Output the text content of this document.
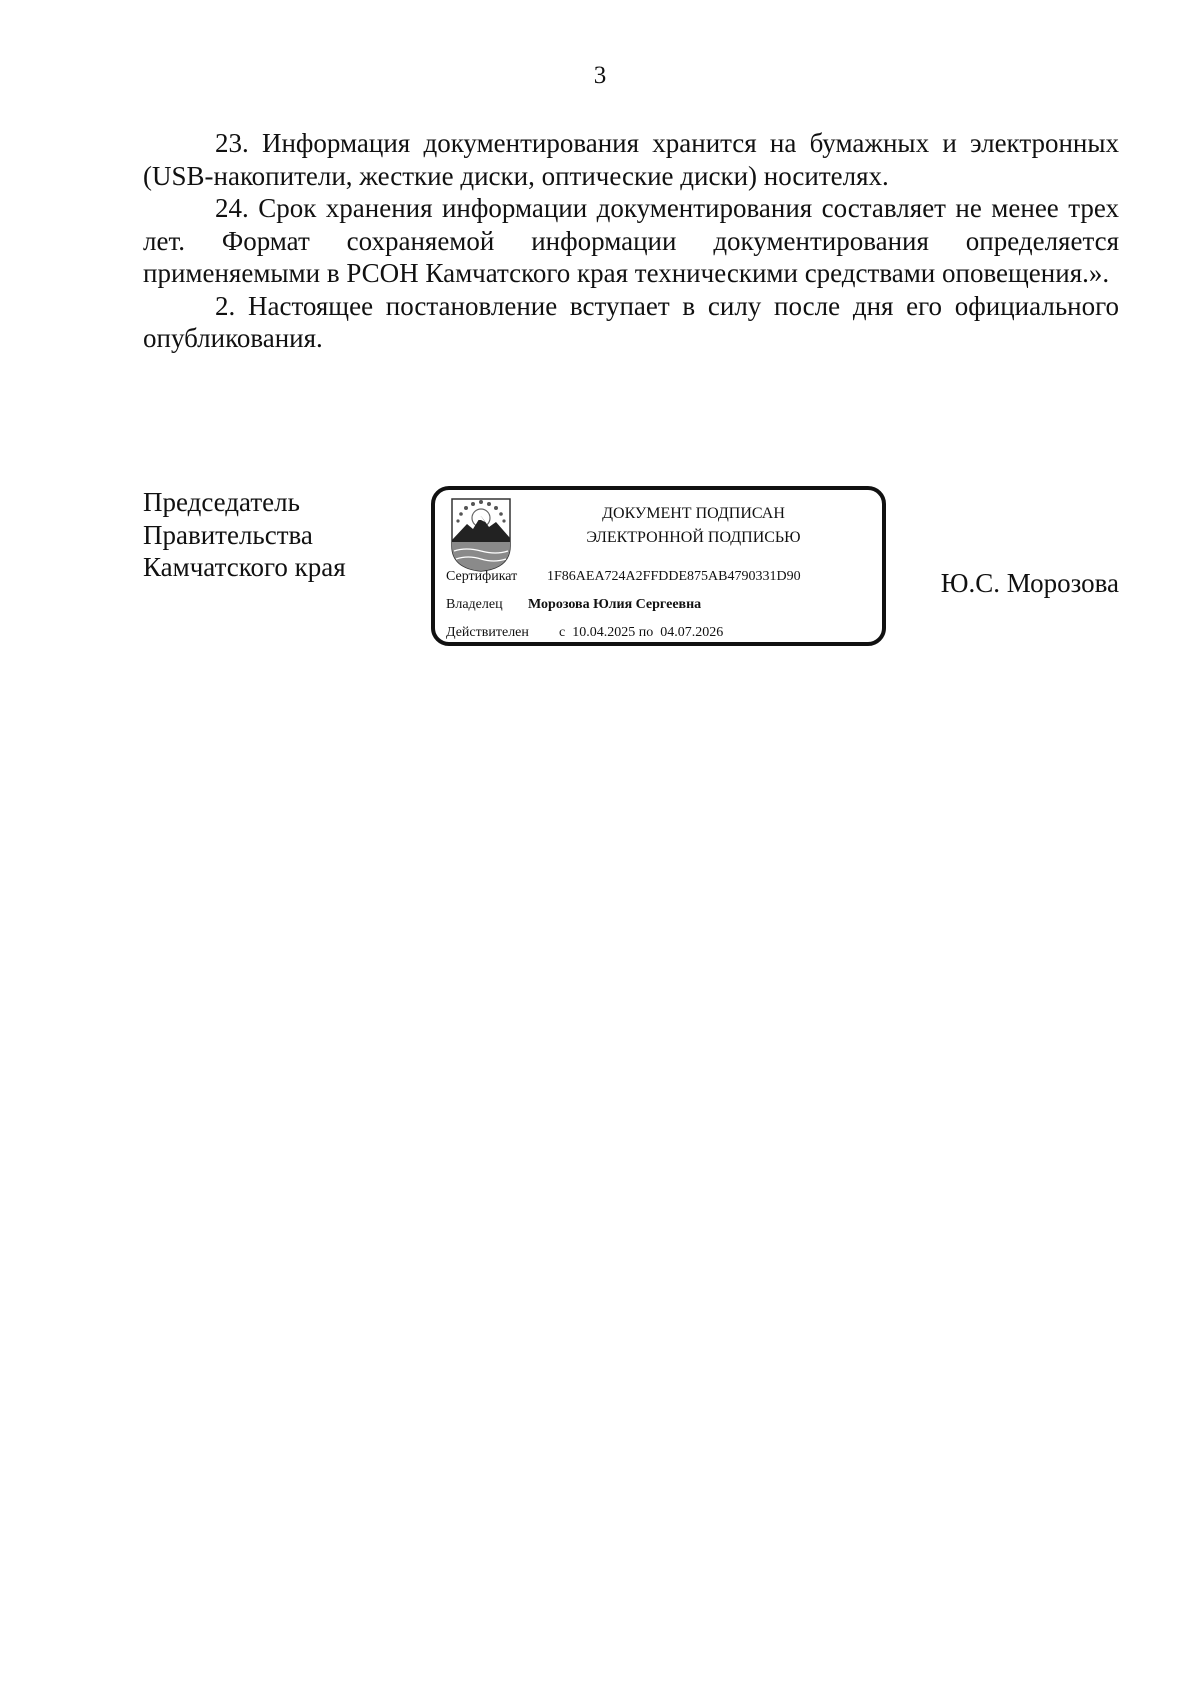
3

23. Информация документирования хранится на бумажных и электронных (USB-накопители, жесткие диски, оптические диски) носителях.

24. Срок хранения информации документирования составляет не менее трех лет. Формат сохраняемой информации документирования определяется применяемыми в РСОН Камчатского края техническими средствами оповещения.».

2. Настоящее постановление вступает в силу после дня его официального опубликования.

Председатель
Правительства
Камчатского края
ДОКУМЕНТ ПОДПИСАН
ЭЛЕКТРОННОЙ ПОДПИСЬЮ
Сертификат 1F86AEA724A2FFDDE875AB4790331D90
Владелец Морозова Юлия Сергеевна
Действителен с  10.04.2025 по  04.07.2026
Ю.С. Морозова
